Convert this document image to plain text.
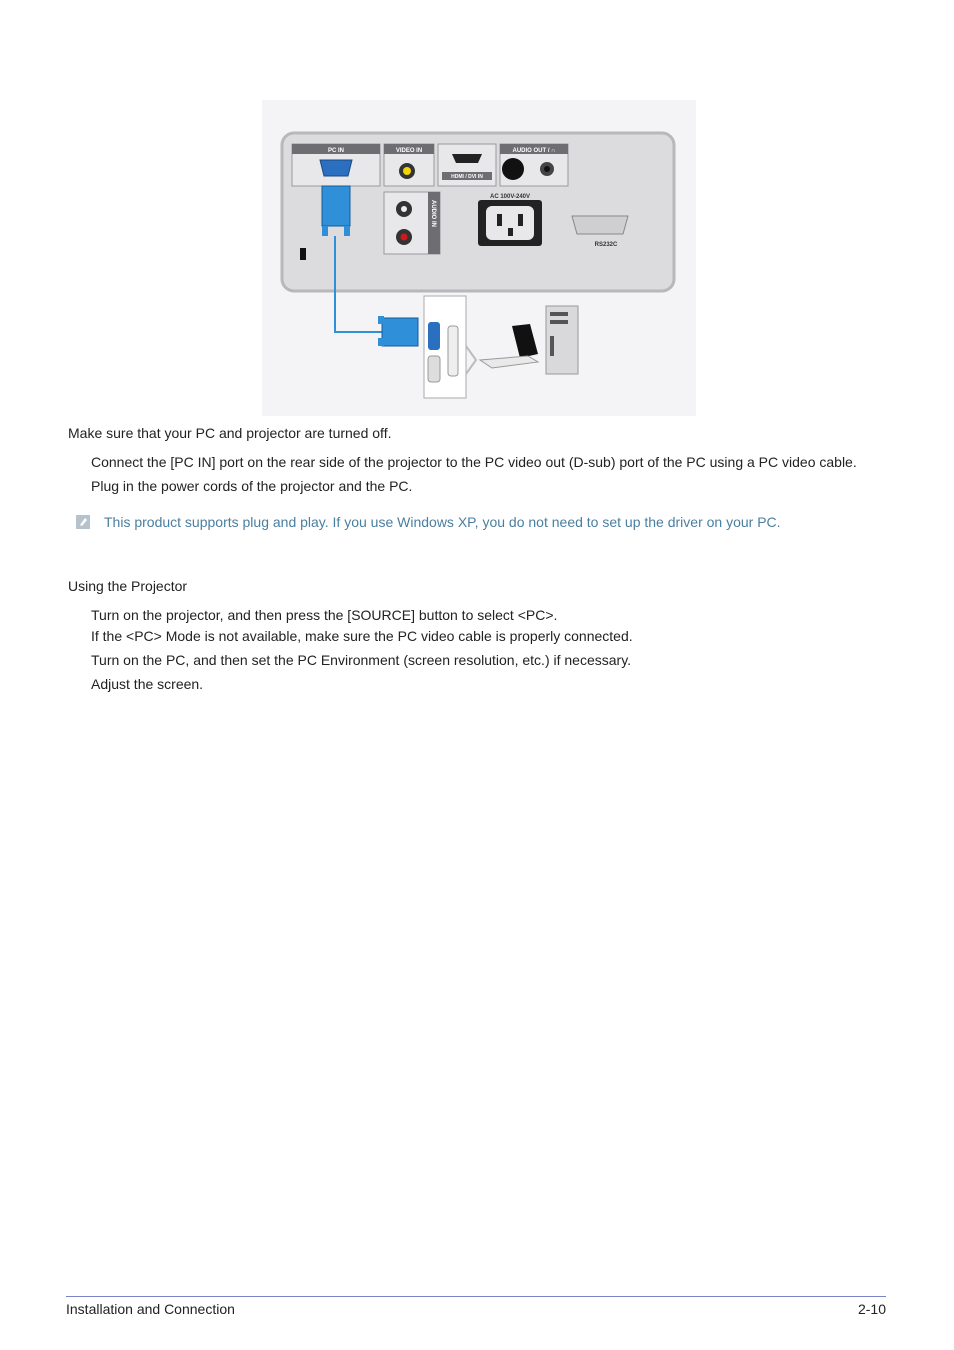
PC IN	VIDEO IN
HDMI / DVI IN
AUDIO OUT / ∩
AUDIO IN
AC 100V-240V
RS232C
Make sure that your PC and projector are turned off.
Connect the [PC IN] port on the rear side of the projector to the PC video out (D-sub) port of the PC using a PC video cable.
Plug in the power cords of the projector and the PC.
This product supports plug and play. If you use Windows XP, you do not need to set up the driver on your PC.
Using the Projector
Turn on the projector, and then press the [SOURCE] button to select <PC>.
If the <PC> Mode is not available, make sure the PC video cable is properly connected.
Turn on the PC, and then set the PC Environment (screen resolution, etc.) if necessary.
Adjust the screen.
Installation and Connection	2-10
